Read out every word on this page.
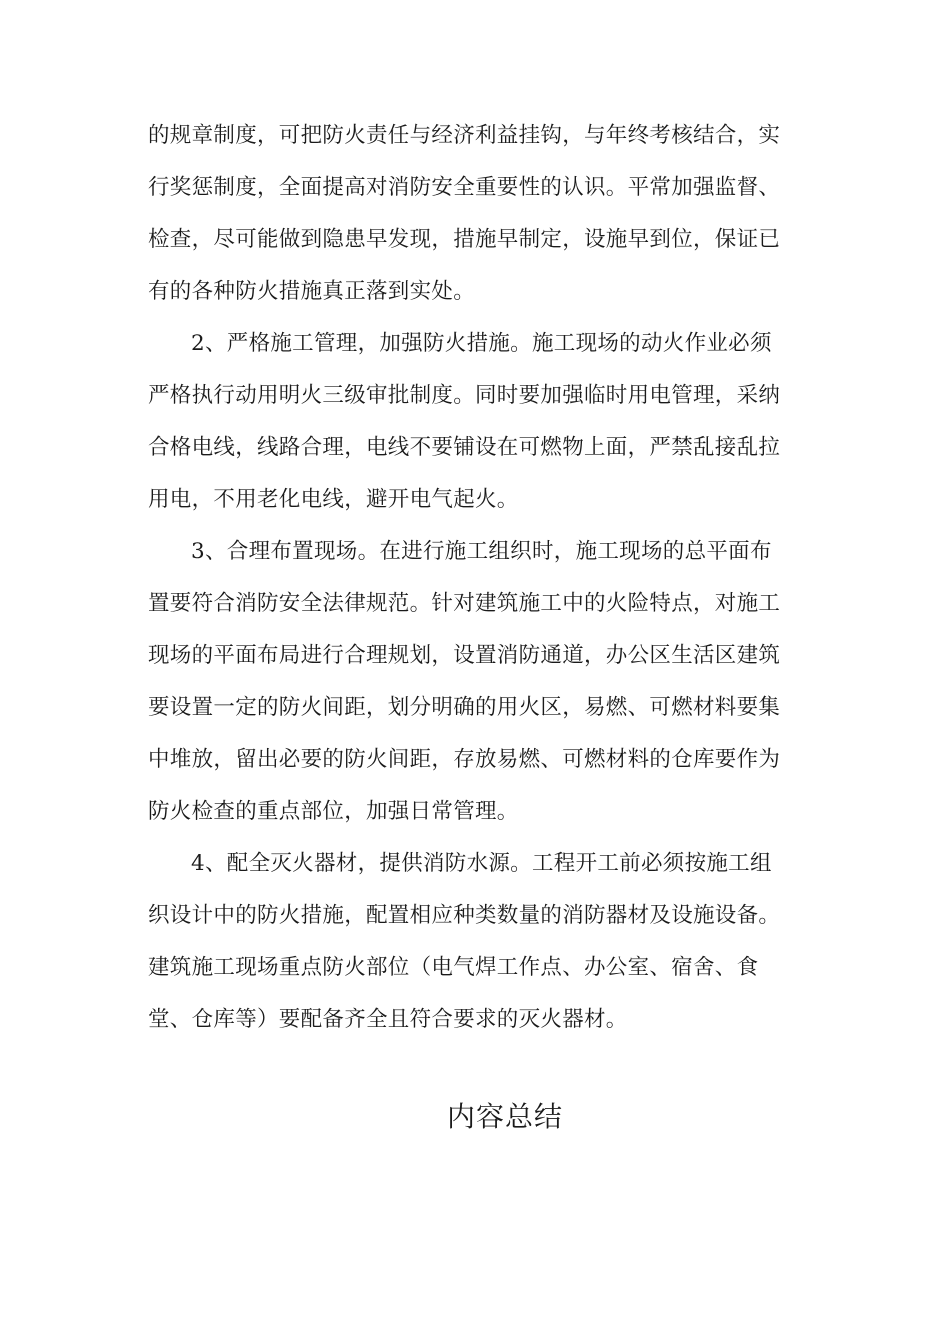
的规章制度，可把防火责任与经济利益挂钩，与年终考核结合，实
行奖惩制度，全面提高对消防安全重要性的认识。平常加强监督、
检查，尽可能做到隐患早发现，措施早制定，设施早到位，保证已
有的各种防火措施真正落到实处。
2、严格施工管理，加强防火措施。施工现场的动火作业必须
严格执行动用明火三级审批制度。同时要加强临时用电管理，采纳
合格电线，线路合理，电线不要铺设在可燃物上面，严禁乱接乱拉
用电，不用老化电线，避开电气起火。
3、合理布置现场。在进行施工组织时，施工现场的总平面布
置要符合消防安全法律规范。针对建筑施工中的火险特点，对施工
现场的平面布局进行合理规划，设置消防通道，办公区生活区建筑
要设置一定的防火间距，划分明确的用火区，易燃、可燃材料要集
中堆放，留出必要的防火间距，存放易燃、可燃材料的仓库要作为
防火检查的重点部位，加强日常管理。
4、配全灭火器材，提供消防水源。工程开工前必须按施工组
织设计中的防火措施，配置相应种类数量的消防器材及设施设备。
建筑施工现场重点防火部位（电气焊工作点、办公室、宿舍、食
堂、仓库等）要配备齐全且符合要求的灭火器材。
内容总结
